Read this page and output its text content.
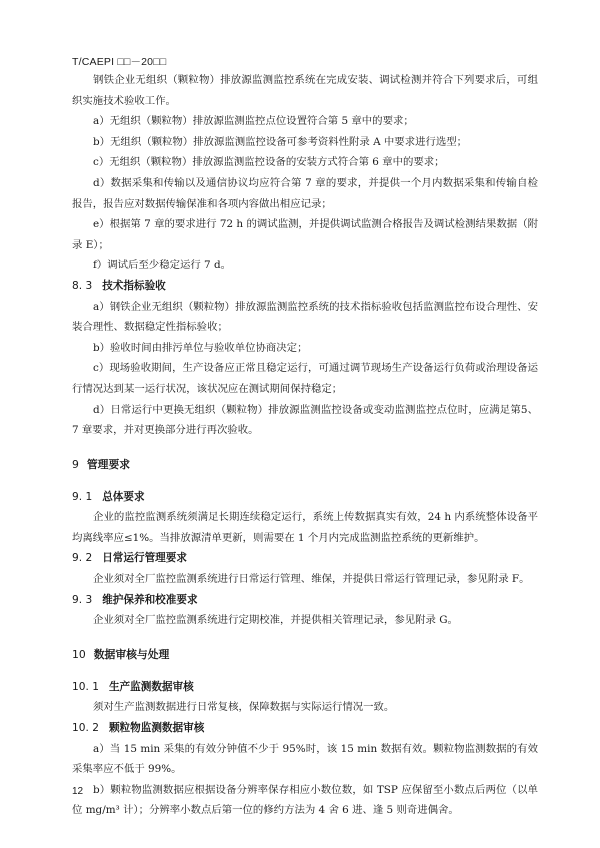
T/CAEPI □□－20□□

钢铁企业无组织（颗粒物）排放源监测监控系统在完成安装、调试检测并符合下列要求后，可组织实施技术验收工作。

a）无组织（颗粒物）排放源监测监控点位设置符合第 5 章中的要求；

b）无组织（颗粒物）排放源监测监控设备可参考资料性附录 A 中要求进行选型；

c）无组织（颗粒物）排放源监测监控设备的安装方式符合第 6 章中的要求；

d）数据采集和传输以及通信协议均应符合第 7 章的要求，并提供一个月内数据采集和传输自检报告，报告应对数据传输保准和各项内容做出相应记录；

e）根据第 7 章的要求进行 72 h 的调试监测，并提供调试监测合格报告及调试检测结果数据（附录 E）；

f）调试后至少稳定运行 7 d。

8. 3 技术指标验收

a）钢铁企业无组织（颗粒物）排放源监测监控系统的技术指标验收包括监测监控布设合理性、安装合理性、数据稳定性指标验收；

b）验收时间由排污单位与验收单位协商决定；

c）现场验收期间，生产设备应正常且稳定运行，可通过调节现场生产设备运行负荷或治理设备运行情况达到某一运行状况，该状况应在测试期间保持稳定；

d）日常运行中更换无组织（颗粒物）排放源监测监控设备或变动监测监控点位时，应满足第5、7 章要求，并对更换部分进行再次验收。

9 管理要求
9. 1 总体要求

企业的监控监测系统须满足长期连续稳定运行，系统上传数据真实有效，24 h 内系统整体设备平均离线率应≤1%。当排放源清单更新，则需要在 1 个月内完成监测监控系统的更新维护。

9. 2 日常运行管理要求

企业须对全厂监控监测系统进行日常运行管理、维保，并提供日常运行管理记录，参见附录 F。

9. 3 维护保养和校准要求

企业须对全厂监控监测系统进行定期校准，并提供相关管理记录，参见附录 G。

10 数据审核与处理
10. 1 生产监测数据审核

须对生产监测数据进行日常复核，保障数据与实际运行情况一致。

10. 2 颗粒物监测数据审核

a）当 15 min 采集的有效分钟值不少于 95%时，该 15 min 数据有效。颗粒物监测数据的有效采集率应不低于 99%。

b）颗粒物监测数据应根据设备分辨率保存相应小数位数，如 TSP 应保留至小数点后两位（以单位 mg/m³ 计）；分辨率小数点后第一位的修约方法为 4 舍 6 进、逢 5 则奇进偶舍。

12
